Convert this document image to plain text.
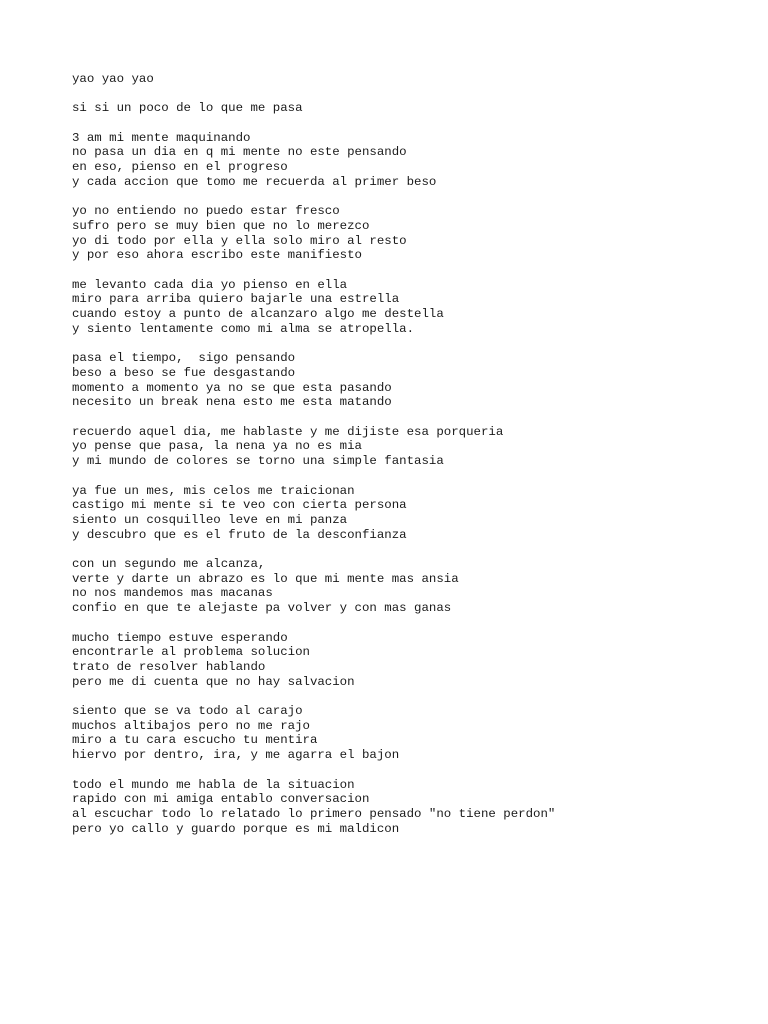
yao yao yao
si si un poco de lo que me pasa
3 am mi mente maquinando
no pasa un dia en q mi mente no este pensando
en eso, pienso en el progreso
y cada accion que tomo me recuerda al primer beso
yo no entiendo no puedo estar fresco
sufro pero se muy bien que no lo merezco
yo di todo por ella y ella solo miro al resto
y por eso ahora escribo este manifiesto
me levanto cada dia yo pienso en ella
miro para arriba quiero bajarle una estrella
cuando estoy a punto de alcanzaro algo me destella
y siento lentamente como mi alma se atropella.
pasa el tiempo,  sigo pensando
beso a beso se fue desgastando
momento a momento ya no se que esta pasando
necesito un break nena esto me esta matando
recuerdo aquel dia, me hablaste y me dijiste esa porqueria
yo pense que pasa, la nena ya no es mia
y mi mundo de colores se torno una simple fantasia
ya fue un mes, mis celos me traicionan
castigo mi mente si te veo con cierta persona
siento un cosquilleo leve en mi panza
y descubro que es el fruto de la desconfianza
con un segundo me alcanza,
verte y darte un abrazo es lo que mi mente mas ansia
no nos mandemos mas macanas
confio en que te alejaste pa volver y con mas ganas
mucho tiempo estuve esperando
encontrarle al problema solucion
trato de resolver hablando
pero me di cuenta que no hay salvacion
siento que se va todo al carajo
muchos altibajos pero no me rajo
miro a tu cara escucho tu mentira
hiervo por dentro, ira, y me agarra el bajon
todo el mundo me habla de la situacion
rapido con mi amiga entablo conversacion
al escuchar todo lo relatado lo primero pensado "no tiene perdon"
pero yo callo y guardo porque es mi maldicon
